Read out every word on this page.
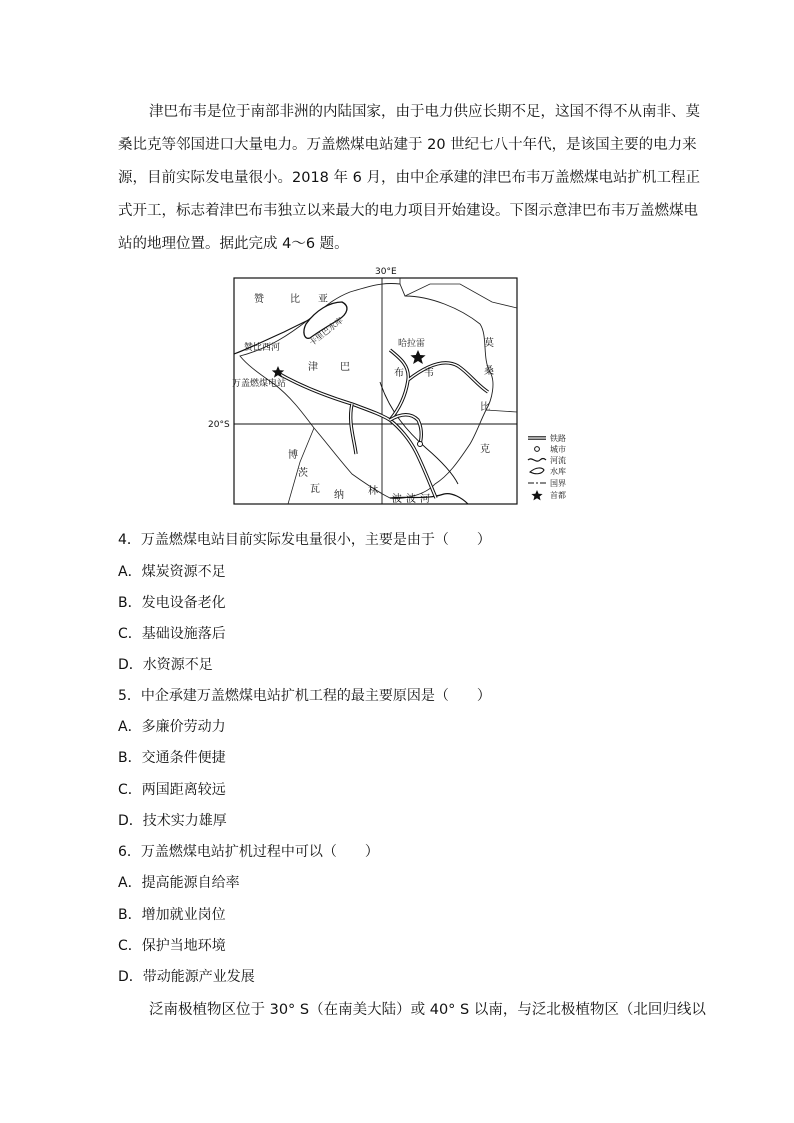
津巴布韦是位于南部非洲的内陆国家，由于电力供应长期不足，这国不得不从南非、莫
桑比克等邻国进口大量电力。万盖燃煤电站建于 20 世纪七八十年代，是该国主要的电力来
源，目前实际发电量很小。2018 年 6 月，由中企承建的津巴布韦万盖燃煤电站扩机工程正
式开工，标志着津巴布韦独立以来最大的电力项目开始建设。下图示意津巴布韦万盖燃煤电
站的地理位置。据此完成 4～6 题。
30°E
20°S
赞	比 亚
卡里巴水库
赞比西河	哈拉雷
万盖燃煤电站
津 巴
布 韦
莫
桑
比
克
博
茨
瓦
纳 林
波 波 河
铁路
城市
河流
水库
国界
首都
4．万盖燃煤电站目前实际发电量很小，主要是由于（　　）
A．煤炭资源不足
B．发电设备老化
C．基础设施落后
D．水资源不足
5．中企承建万盖燃煤电站扩机工程的最主要原因是（　　）
A．多廉价劳动力
B．交通条件便捷
C．两国距离较远
D．技术实力雄厚
6．万盖燃煤电站扩机过程中可以（　　）
A．提高能源自给率
B．增加就业岗位
C．保护当地环境
D．带动能源产业发展
泛南极植物区位于 30° S（在南美大陆）或 40° S 以南，与泛北极植物区（北回归线以
